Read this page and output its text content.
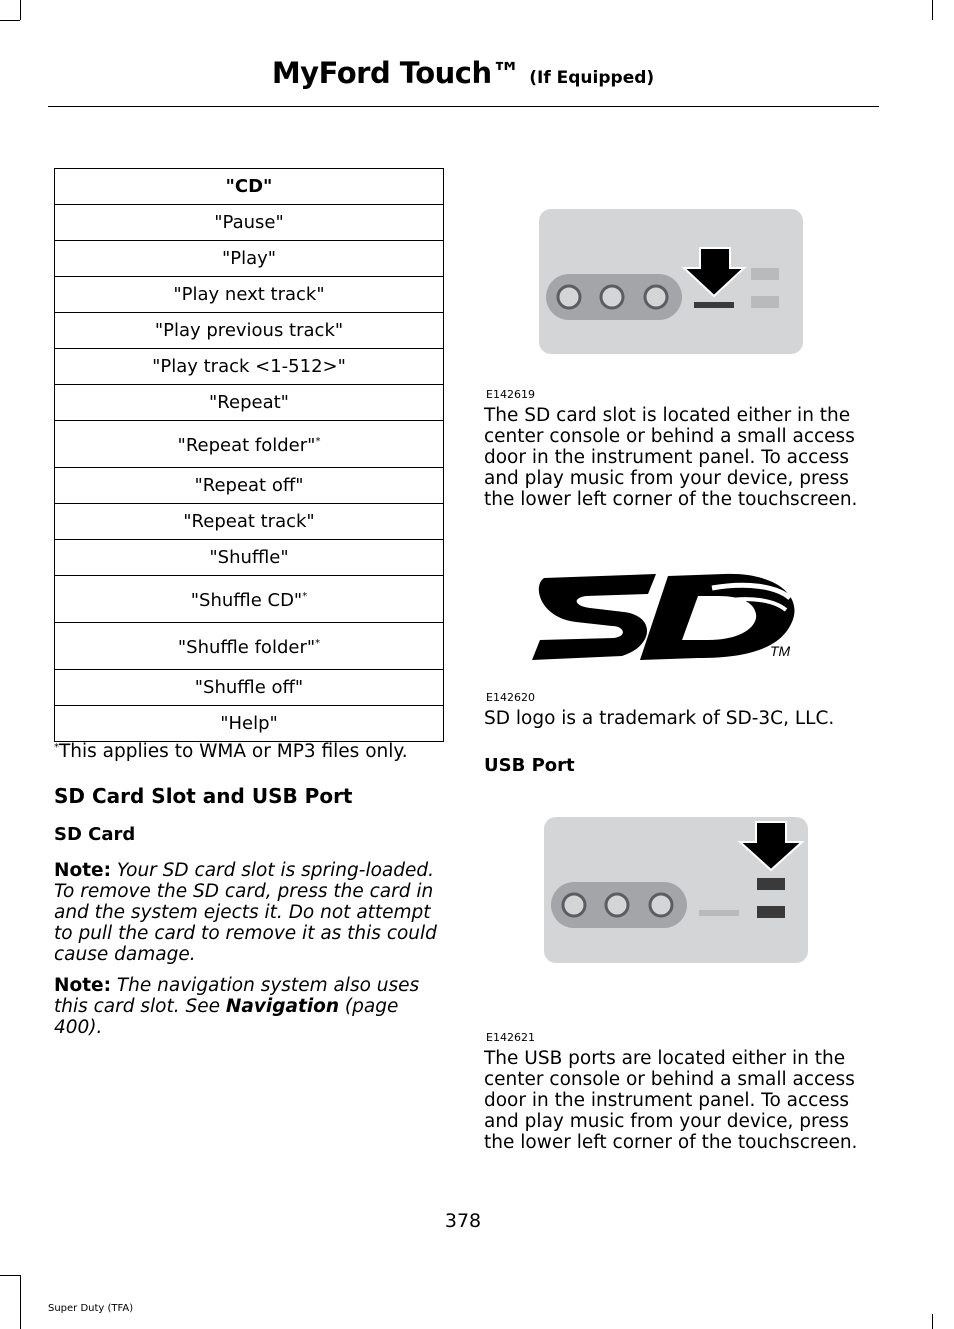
MyFord Touch™ (If Equipped)
"CD"
"Pause"
"Play"
"Play next track"
"Play previous track"
"Play track <1-512>"
"Repeat"
"Repeat folder"*
"Repeat off"
"Repeat track"
"Shuffle"
"Shuffle CD"*
"Shuffle folder"*
"Shuffle off"
"Help"
*This applies to WMA or MP3 files only.
SD Card Slot and USB Port
SD Card
Note: Your SD card slot is spring-loaded. To remove the SD card, press the card in and the system ejects it. Do not attempt to pull the card to remove it as this could cause damage.
Note: The navigation system also uses this card slot. See Navigation (page 400).
E142619
The SD card slot is located either in the center console or behind a small access door in the instrument panel. To access and play music from your device, press the lower left corner of the touchscreen.
TM
E142620
SD logo is a trademark of SD-3C, LLC.
USB Port
E142621
The USB ports are located either in the center console or behind a small access door in the instrument panel. To access and play music from your device, press the lower left corner of the touchscreen.
378
Super Duty (TFA)
